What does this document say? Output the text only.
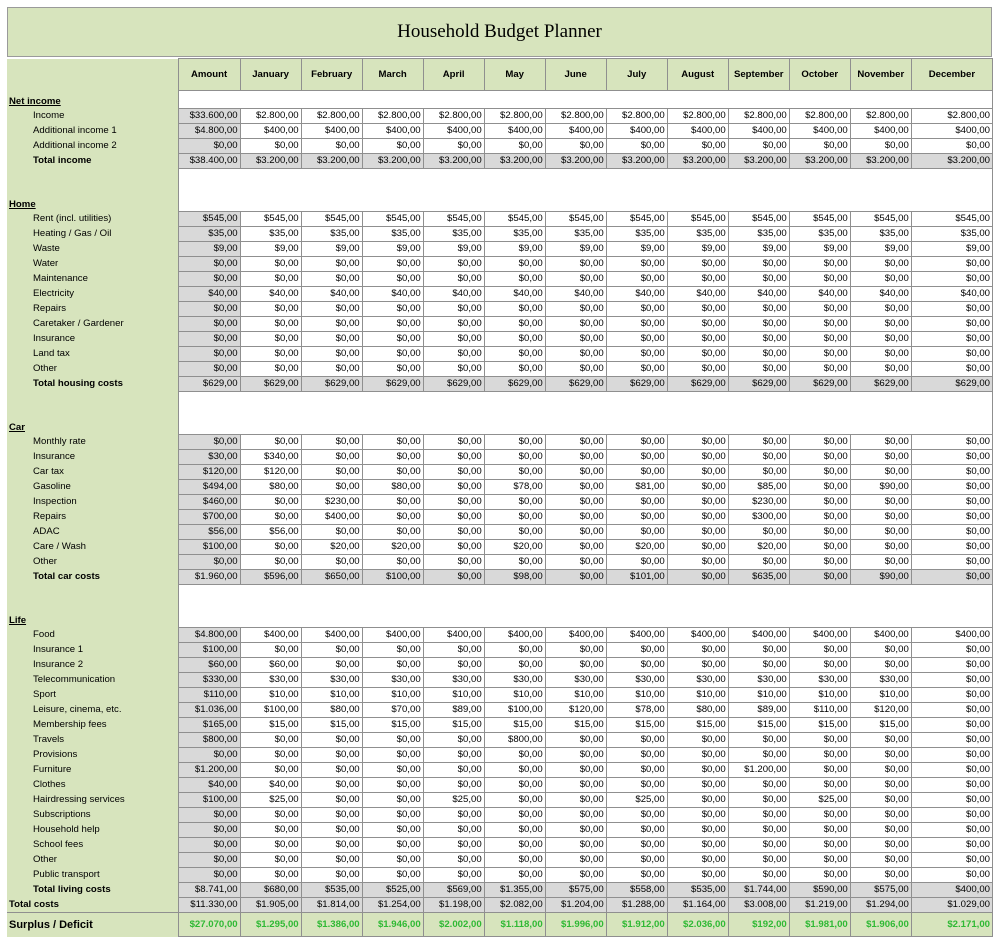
Household Budget Planner
	Amount	January	February	March	April	May	June	July	August	September	October	November	December
Net income													
Income	$33.600,00	$2.800,00	$2.800,00	$2.800,00	$2.800,00	$2.800,00	$2.800,00	$2.800,00	$2.800,00	$2.800,00	$2.800,00	$2.800,00	$2.800,00
Additional income 1	$4.800,00	$400,00	$400,00	$400,00	$400,00	$400,00	$400,00	$400,00	$400,00	$400,00	$400,00	$400,00	$400,00
Additional income 2	$0,00	$0,00	$0,00	$0,00	$0,00	$0,00	$0,00	$0,00	$0,00	$0,00	$0,00	$0,00	$0,00
Total income	$38.400,00	$3.200,00	$3.200,00	$3.200,00	$3.200,00	$3.200,00	$3.200,00	$3.200,00	$3.200,00	$3.200,00	$3.200,00	$3.200,00	$3.200,00

Home													
Rent (incl. utilities)	$545,00	$545,00	$545,00	$545,00	$545,00	$545,00	$545,00	$545,00	$545,00	$545,00	$545,00	$545,00	$545,00
Heating / Gas / Oil	$35,00	$35,00	$35,00	$35,00	$35,00	$35,00	$35,00	$35,00	$35,00	$35,00	$35,00	$35,00	$35,00
Waste	$9,00	$9,00	$9,00	$9,00	$9,00	$9,00	$9,00	$9,00	$9,00	$9,00	$9,00	$9,00	$9,00
Water	$0,00	$0,00	$0,00	$0,00	$0,00	$0,00	$0,00	$0,00	$0,00	$0,00	$0,00	$0,00	$0,00
Maintenance	$0,00	$0,00	$0,00	$0,00	$0,00	$0,00	$0,00	$0,00	$0,00	$0,00	$0,00	$0,00	$0,00
Electricity	$40,00	$40,00	$40,00	$40,00	$40,00	$40,00	$40,00	$40,00	$40,00	$40,00	$40,00	$40,00	$40,00
Repairs	$0,00	$0,00	$0,00	$0,00	$0,00	$0,00	$0,00	$0,00	$0,00	$0,00	$0,00	$0,00	$0,00
Caretaker / Gardener	$0,00	$0,00	$0,00	$0,00	$0,00	$0,00	$0,00	$0,00	$0,00	$0,00	$0,00	$0,00	$0,00
Insurance	$0,00	$0,00	$0,00	$0,00	$0,00	$0,00	$0,00	$0,00	$0,00	$0,00	$0,00	$0,00	$0,00
Land tax	$0,00	$0,00	$0,00	$0,00	$0,00	$0,00	$0,00	$0,00	$0,00	$0,00	$0,00	$0,00	$0,00
Other	$0,00	$0,00	$0,00	$0,00	$0,00	$0,00	$0,00	$0,00	$0,00	$0,00	$0,00	$0,00	$0,00
Total housing costs	$629,00	$629,00	$629,00	$629,00	$629,00	$629,00	$629,00	$629,00	$629,00	$629,00	$629,00	$629,00	$629,00

Car													
Monthly rate	$0,00	$0,00	$0,00	$0,00	$0,00	$0,00	$0,00	$0,00	$0,00	$0,00	$0,00	$0,00	$0,00
Insurance	$30,00	$340,00	$0,00	$0,00	$0,00	$0,00	$0,00	$0,00	$0,00	$0,00	$0,00	$0,00	$0,00
Car tax	$120,00	$120,00	$0,00	$0,00	$0,00	$0,00	$0,00	$0,00	$0,00	$0,00	$0,00	$0,00	$0,00
Gasoline	$494,00	$80,00	$0,00	$80,00	$0,00	$78,00	$0,00	$81,00	$0,00	$85,00	$0,00	$90,00	$0,00
Inspection	$460,00	$0,00	$230,00	$0,00	$0,00	$0,00	$0,00	$0,00	$0,00	$230,00	$0,00	$0,00	$0,00
Repairs	$700,00	$0,00	$400,00	$0,00	$0,00	$0,00	$0,00	$0,00	$0,00	$300,00	$0,00	$0,00	$0,00
ADAC	$56,00	$56,00	$0,00	$0,00	$0,00	$0,00	$0,00	$0,00	$0,00	$0,00	$0,00	$0,00	$0,00
Care / Wash	$100,00	$0,00	$20,00	$20,00	$0,00	$20,00	$0,00	$20,00	$0,00	$20,00	$0,00	$0,00	$0,00
Other	$0,00	$0,00	$0,00	$0,00	$0,00	$0,00	$0,00	$0,00	$0,00	$0,00	$0,00	$0,00	$0,00
Total car costs	$1.960,00	$596,00	$650,00	$100,00	$0,00	$98,00	$0,00	$101,00	$0,00	$635,00	$0,00	$90,00	$0,00

Life													
Food	$4.800,00	$400,00	$400,00	$400,00	$400,00	$400,00	$400,00	$400,00	$400,00	$400,00	$400,00	$400,00	$400,00
Insurance 1	$100,00	$0,00	$0,00	$0,00	$0,00	$0,00	$0,00	$0,00	$0,00	$0,00	$0,00	$0,00	$0,00
Insurance 2	$60,00	$60,00	$0,00	$0,00	$0,00	$0,00	$0,00	$0,00	$0,00	$0,00	$0,00	$0,00	$0,00
Telecommunication	$330,00	$30,00	$30,00	$30,00	$30,00	$30,00	$30,00	$30,00	$30,00	$30,00	$30,00	$30,00	$0,00
Sport	$110,00	$10,00	$10,00	$10,00	$10,00	$10,00	$10,00	$10,00	$10,00	$10,00	$10,00	$10,00	$0,00
Leisure, cinema, etc.	$1.036,00	$100,00	$80,00	$70,00	$89,00	$100,00	$120,00	$78,00	$80,00	$89,00	$110,00	$120,00	$0,00
Membership fees	$165,00	$15,00	$15,00	$15,00	$15,00	$15,00	$15,00	$15,00	$15,00	$15,00	$15,00	$15,00	$0,00
Travels	$800,00	$0,00	$0,00	$0,00	$0,00	$800,00	$0,00	$0,00	$0,00	$0,00	$0,00	$0,00	$0,00
Provisions	$0,00	$0,00	$0,00	$0,00	$0,00	$0,00	$0,00	$0,00	$0,00	$0,00	$0,00	$0,00	$0,00
Furniture	$1.200,00	$0,00	$0,00	$0,00	$0,00	$0,00	$0,00	$0,00	$0,00	$1.200,00	$0,00	$0,00	$0,00
Clothes	$40,00	$40,00	$0,00	$0,00	$0,00	$0,00	$0,00	$0,00	$0,00	$0,00	$0,00	$0,00	$0,00
Hairdressing services	$100,00	$25,00	$0,00	$0,00	$25,00	$0,00	$0,00	$25,00	$0,00	$0,00	$25,00	$0,00	$0,00
Subscriptions	$0,00	$0,00	$0,00	$0,00	$0,00	$0,00	$0,00	$0,00	$0,00	$0,00	$0,00	$0,00	$0,00
Household help	$0,00	$0,00	$0,00	$0,00	$0,00	$0,00	$0,00	$0,00	$0,00	$0,00	$0,00	$0,00	$0,00
School fees	$0,00	$0,00	$0,00	$0,00	$0,00	$0,00	$0,00	$0,00	$0,00	$0,00	$0,00	$0,00	$0,00
Other	$0,00	$0,00	$0,00	$0,00	$0,00	$0,00	$0,00	$0,00	$0,00	$0,00	$0,00	$0,00	$0,00
Public transport	$0,00	$0,00	$0,00	$0,00	$0,00	$0,00	$0,00	$0,00	$0,00	$0,00	$0,00	$0,00	$0,00
Total living costs	$8.741,00	$680,00	$535,00	$525,00	$569,00	$1.355,00	$575,00	$558,00	$535,00	$1.744,00	$590,00	$575,00	$400,00
Total costs	$11.330,00	$1.905,00	$1.814,00	$1.254,00	$1.198,00	$2.082,00	$1.204,00	$1.288,00	$1.164,00	$3.008,00	$1.219,00	$1.294,00	$1.029,00
Surplus / Deficit	$27.070,00	$1.295,00	$1.386,00	$1.946,00	$2.002,00	$1.118,00	$1.996,00	$1.912,00	$2.036,00	$192,00	$1.981,00	$1.906,00	$2.171,00
